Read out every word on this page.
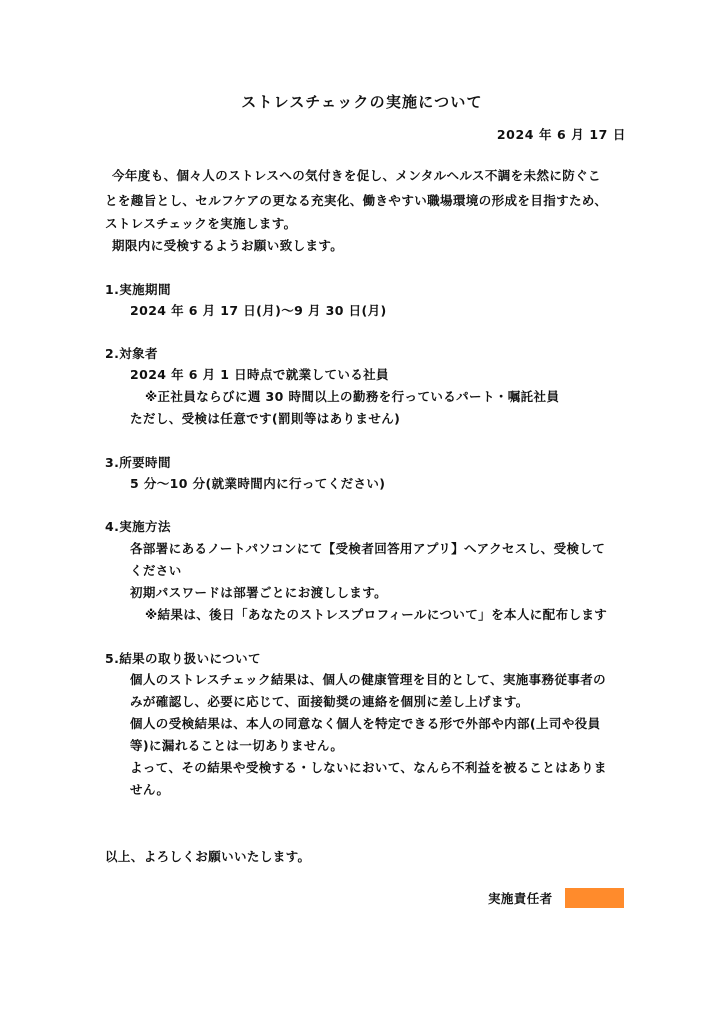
ストレスチェックの実施について
2024 年 6 月 17 日
今年度も、個々人のストレスへの気付きを促し、メンタルヘルス不調を未然に防ぐこ
とを趣旨とし、セルフケアの更なる充実化、働きやすい職場環境の形成を目指すため、
ストレスチェックを実施します。
期限内に受検するようお願い致します。
1.実施期間
2024 年 6 月 17 日(月)～9 月 30 日(月)
2.対象者
2024 年 6 月 1 日時点で就業している社員
※正社員ならびに週 30 時間以上の勤務を行っているパート・嘱託社員
ただし、受検は任意です(罰則等はありません)
3.所要時間
5 分～10 分(就業時間内に行ってください)
4.実施方法
各部署にあるノートパソコンにて【受検者回答用アプリ】へアクセスし、受検して
ください
初期パスワードは部署ごとにお渡しします。
※結果は、後日「あなたのストレスプロフィールについて」を本人に配布します
5.結果の取り扱いについて
個人のストレスチェック結果は、個人の健康管理を目的として、実施事務従事者の
みが確認し、必要に応じて、面接勧奨の連絡を個別に差し上げます。
個人の受検結果は、本人の同意なく個人を特定できる形で外部や内部(上司や役員
等)に漏れることは一切ありません。
よって、その結果や受検する・しないにおいて、なんら不利益を被ることはありま
せん。
以上、よろしくお願いいたします。
実施責任者
